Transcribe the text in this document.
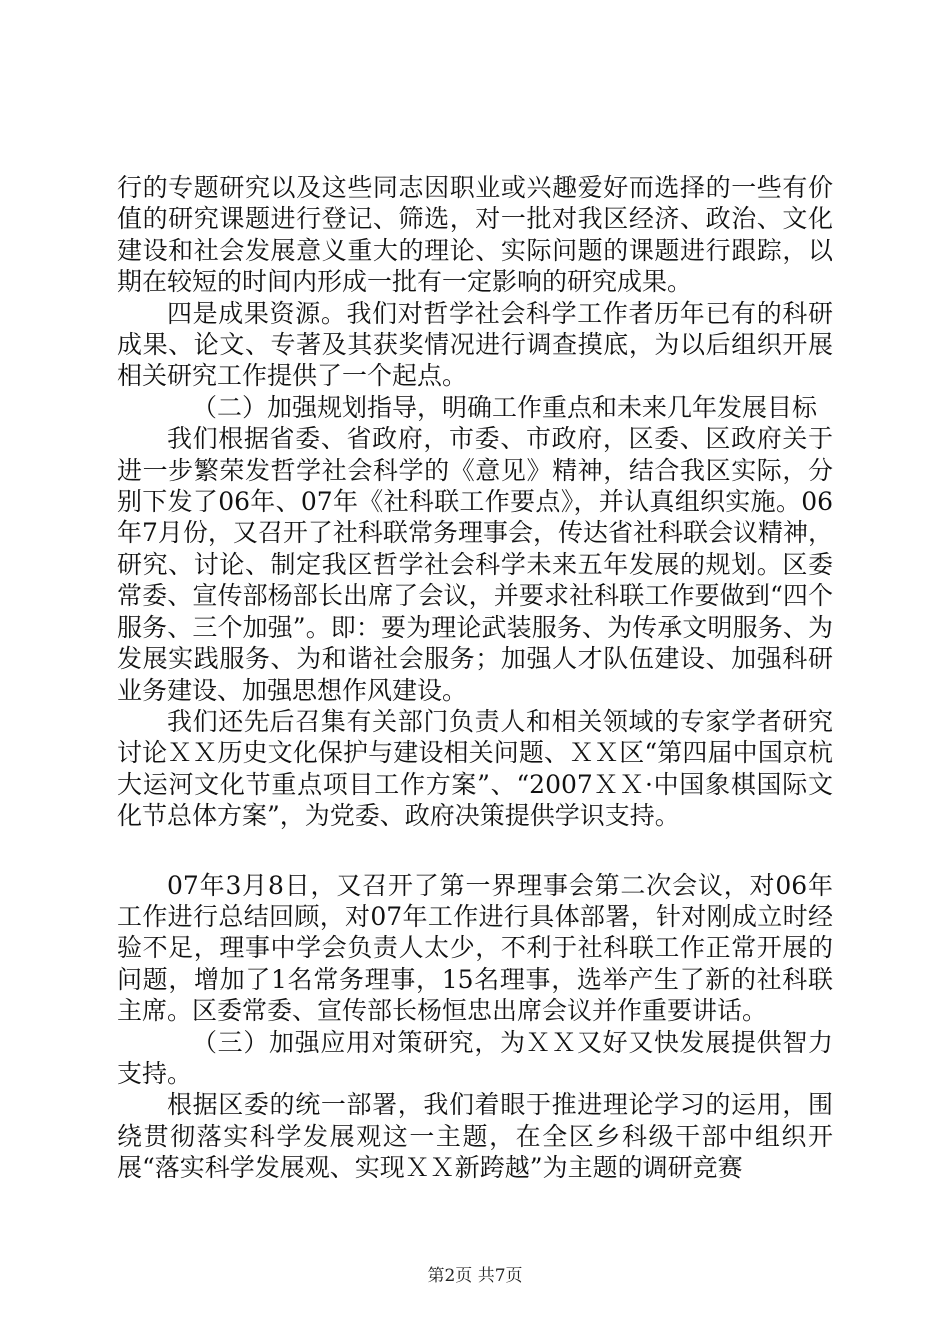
行的专题研究以及这些同志因职业或兴趣爱好而选择的一些有价值的研究课题进行登记、筛选，对一批对我区经济、政治、文化建设和社会发展意义重大的理论、实际问题的课题进行跟踪，以期在较短的时间内形成一批有一定影响的研究成果。

四是成果资源。我们对哲学社会科学工作者历年已有的科研成果、论文、专著及其获奖情况进行调查摸底，为以后组织开展相关研究工作提供了一个起点。

（二）加强规划指导，明确工作重点和未来几年发展目标

我们根据省委、省政府，市委、市政府，区委、区政府关于进一步繁荣发哲学社会科学的《意见》精神，结合我区实际，分别下发了06年、07年《社科联工作要点》，并认真组织实施。06年7月份，又召开了社科联常务理事会，传达省社科联会议精神，研究、讨论、制定我区哲学社会科学未来五年发展的规划。区委常委、宣传部杨部长出席了会议，并要求社科联工作要做到“四个服务、三个加强”。即：要为理论武装服务、为传承文明服务、为发展实践服务、为和谐社会服务；加强人才队伍建设、加强科研业务建设、加强思想作风建设。

我们还先后召集有关部门负责人和相关领域的专家学者研究讨论ＸＸ历史文化保护与建设相关问题、ＸＸ区“第四届中国京杭大运河文化节重点项目工作方案”、“2007ＸＸ·中国象棋国际文化节总体方案”，为党委、政府决策提供学识支持。

07年3月8日，又召开了第一界理事会第二次会议，对06年工作进行总结回顾，对07年工作进行具体部署，针对刚成立时经验不足，理事中学会负责人太少，不利于社科联工作正常开展的问题，增加了1名常务理事，15名理事，选举产生了新的社科联主席。区委常委、宣传部长杨恒忠出席会议并作重要讲话。

（三）加强应用对策研究，为ＸＸ又好又快发展提供智力支持。

根据区委的统一部署，我们着眼于推进理论学习的运用，围绕贯彻落实科学发展观这一主题，在全区乡科级干部中组织开展“落实科学发展观、实现ＸＸ新跨越”为主题的调研竞赛

第2页 共7页
